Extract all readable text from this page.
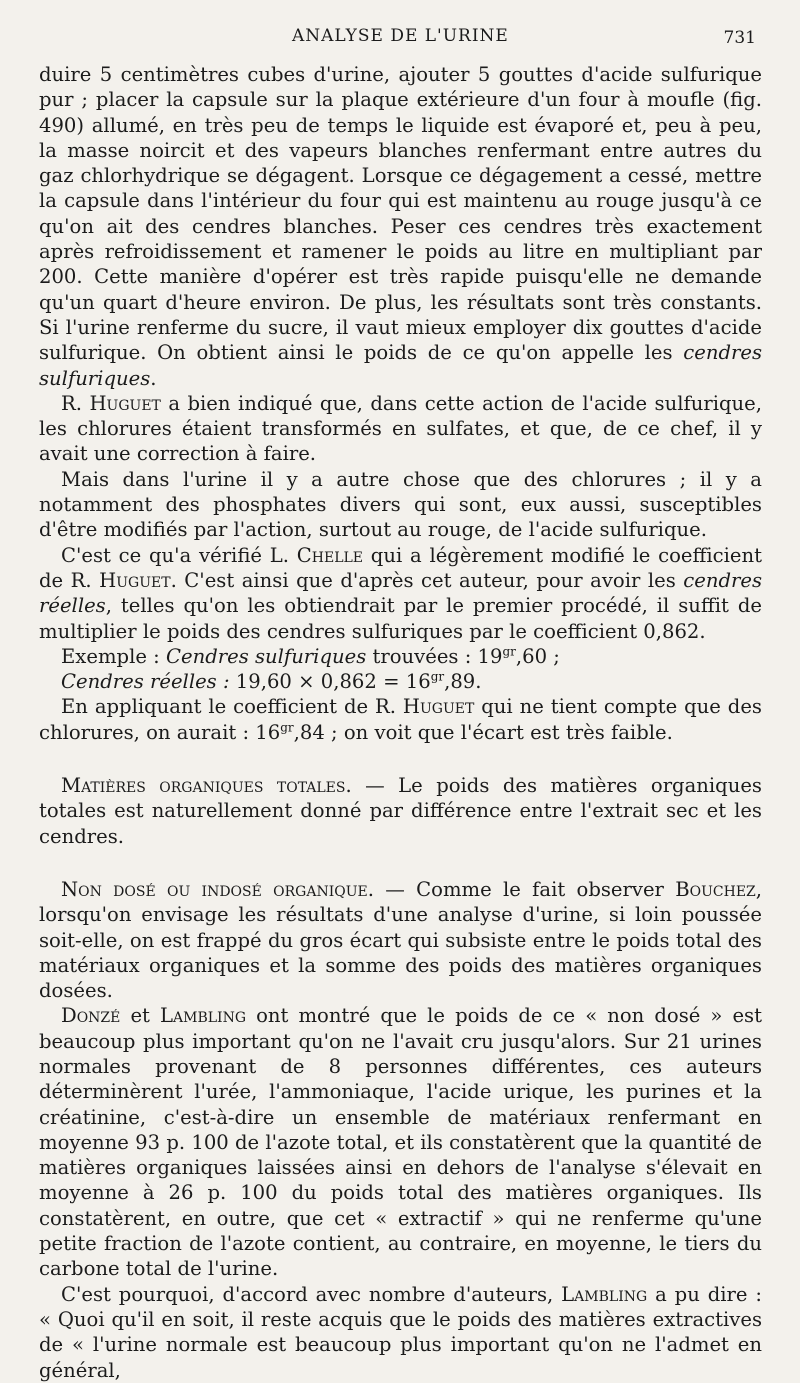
ANALYSE DE L'URINE	731

duire 5 centimètres cubes d'urine, ajouter 5 gouttes d'acide sulfurique pur ; placer la capsule sur la plaque extérieure d'un four à moufle (fig. 490) allumé, en très peu de temps le liquide est évaporé et, peu à peu, la masse noircit et des vapeurs blanches renfermant entre autres du gaz chlorhydrique se dégagent. Lorsque ce dégagement a cessé, mettre la capsule dans l'intérieur du four qui est maintenu au rouge jusqu'à ce qu'on ait des cendres blanches. Peser ces cendres très exactement après refroidissement et ramener le poids au litre en multipliant par 200. Cette manière d'opérer est très rapide puisqu'elle ne demande qu'un quart d'heure environ. De plus, les résultats sont très constants. Si l'urine renferme du sucre, il vaut mieux employer dix gouttes d'acide sulfurique. On obtient ainsi le poids de ce qu'on appelle les cendres sulfuriques.

R. Huguet a bien indiqué que, dans cette action de l'acide sulfurique, les chlorures étaient transformés en sulfates, et que, de ce chef, il y avait une correction à faire.

Mais dans l'urine il y a autre chose que des chlorures ; il y a notamment des phosphates divers qui sont, eux aussi, susceptibles d'être modifiés par l'action, surtout au rouge, de l'acide sulfurique.

C'est ce qu'a vérifié L. Chelle qui a légèrement modifié le coefficient de R. Huguet. C'est ainsi que d'après cet auteur, pour avoir les cendres réelles, telles qu'on les obtiendrait par le premier procédé, il suffit de multiplier le poids des cendres sulfuriques par le coefficient 0,862.

Exemple : Cendres sulfuriques trouvées : $19^{gr},60$ ;

Cendres réelles : $19,60 \times 0,862 = 16^{gr},89$.

En appliquant le coefficient de R. Huguet qui ne tient compte que des chlorures, on aurait : $16^{gr},84$ ; on voit que l'écart est très faible.

Matières organiques totales. — Le poids des matières organiques totales est naturellement donné par différence entre l'extrait sec et les cendres.

Non dosé ou indosé organique. — Comme le fait observer Bouchez, lorsqu'on envisage les résultats d'une analyse d'urine, si loin poussée soit-elle, on est frappé du gros écart qui subsiste entre le poids total des matériaux organiques et la somme des poids des matières organiques dosées.

Donzé et Lambling ont montré que le poids de ce « non dosé » est beaucoup plus important qu'on ne l'avait cru jusqu'alors. Sur 21 urines normales provenant de 8 personnes différentes, ces auteurs déterminèrent l'urée, l'ammoniaque, l'acide urique, les purines et la créatinine, c'est-à-dire un ensemble de matériaux renfermant en moyenne 93 p. 100 de l'azote total, et ils constatèrent que la quantité de matières organiques laissées ainsi en dehors de l'analyse s'élevait en moyenne à 26 p. 100 du poids total des matières organiques. Ils constatèrent, en outre, que cet « extractif » qui ne renferme qu'une petite fraction de l'azote contient, au contraire, en moyenne, le tiers du carbone total de l'urine.

C'est pourquoi, d'accord avec nombre d'auteurs, Lambling a pu dire : « Quoi qu'il en soit, il reste acquis que le poids des matières extractives de « l'urine normale est beaucoup plus important qu'on ne l'admet en général,
